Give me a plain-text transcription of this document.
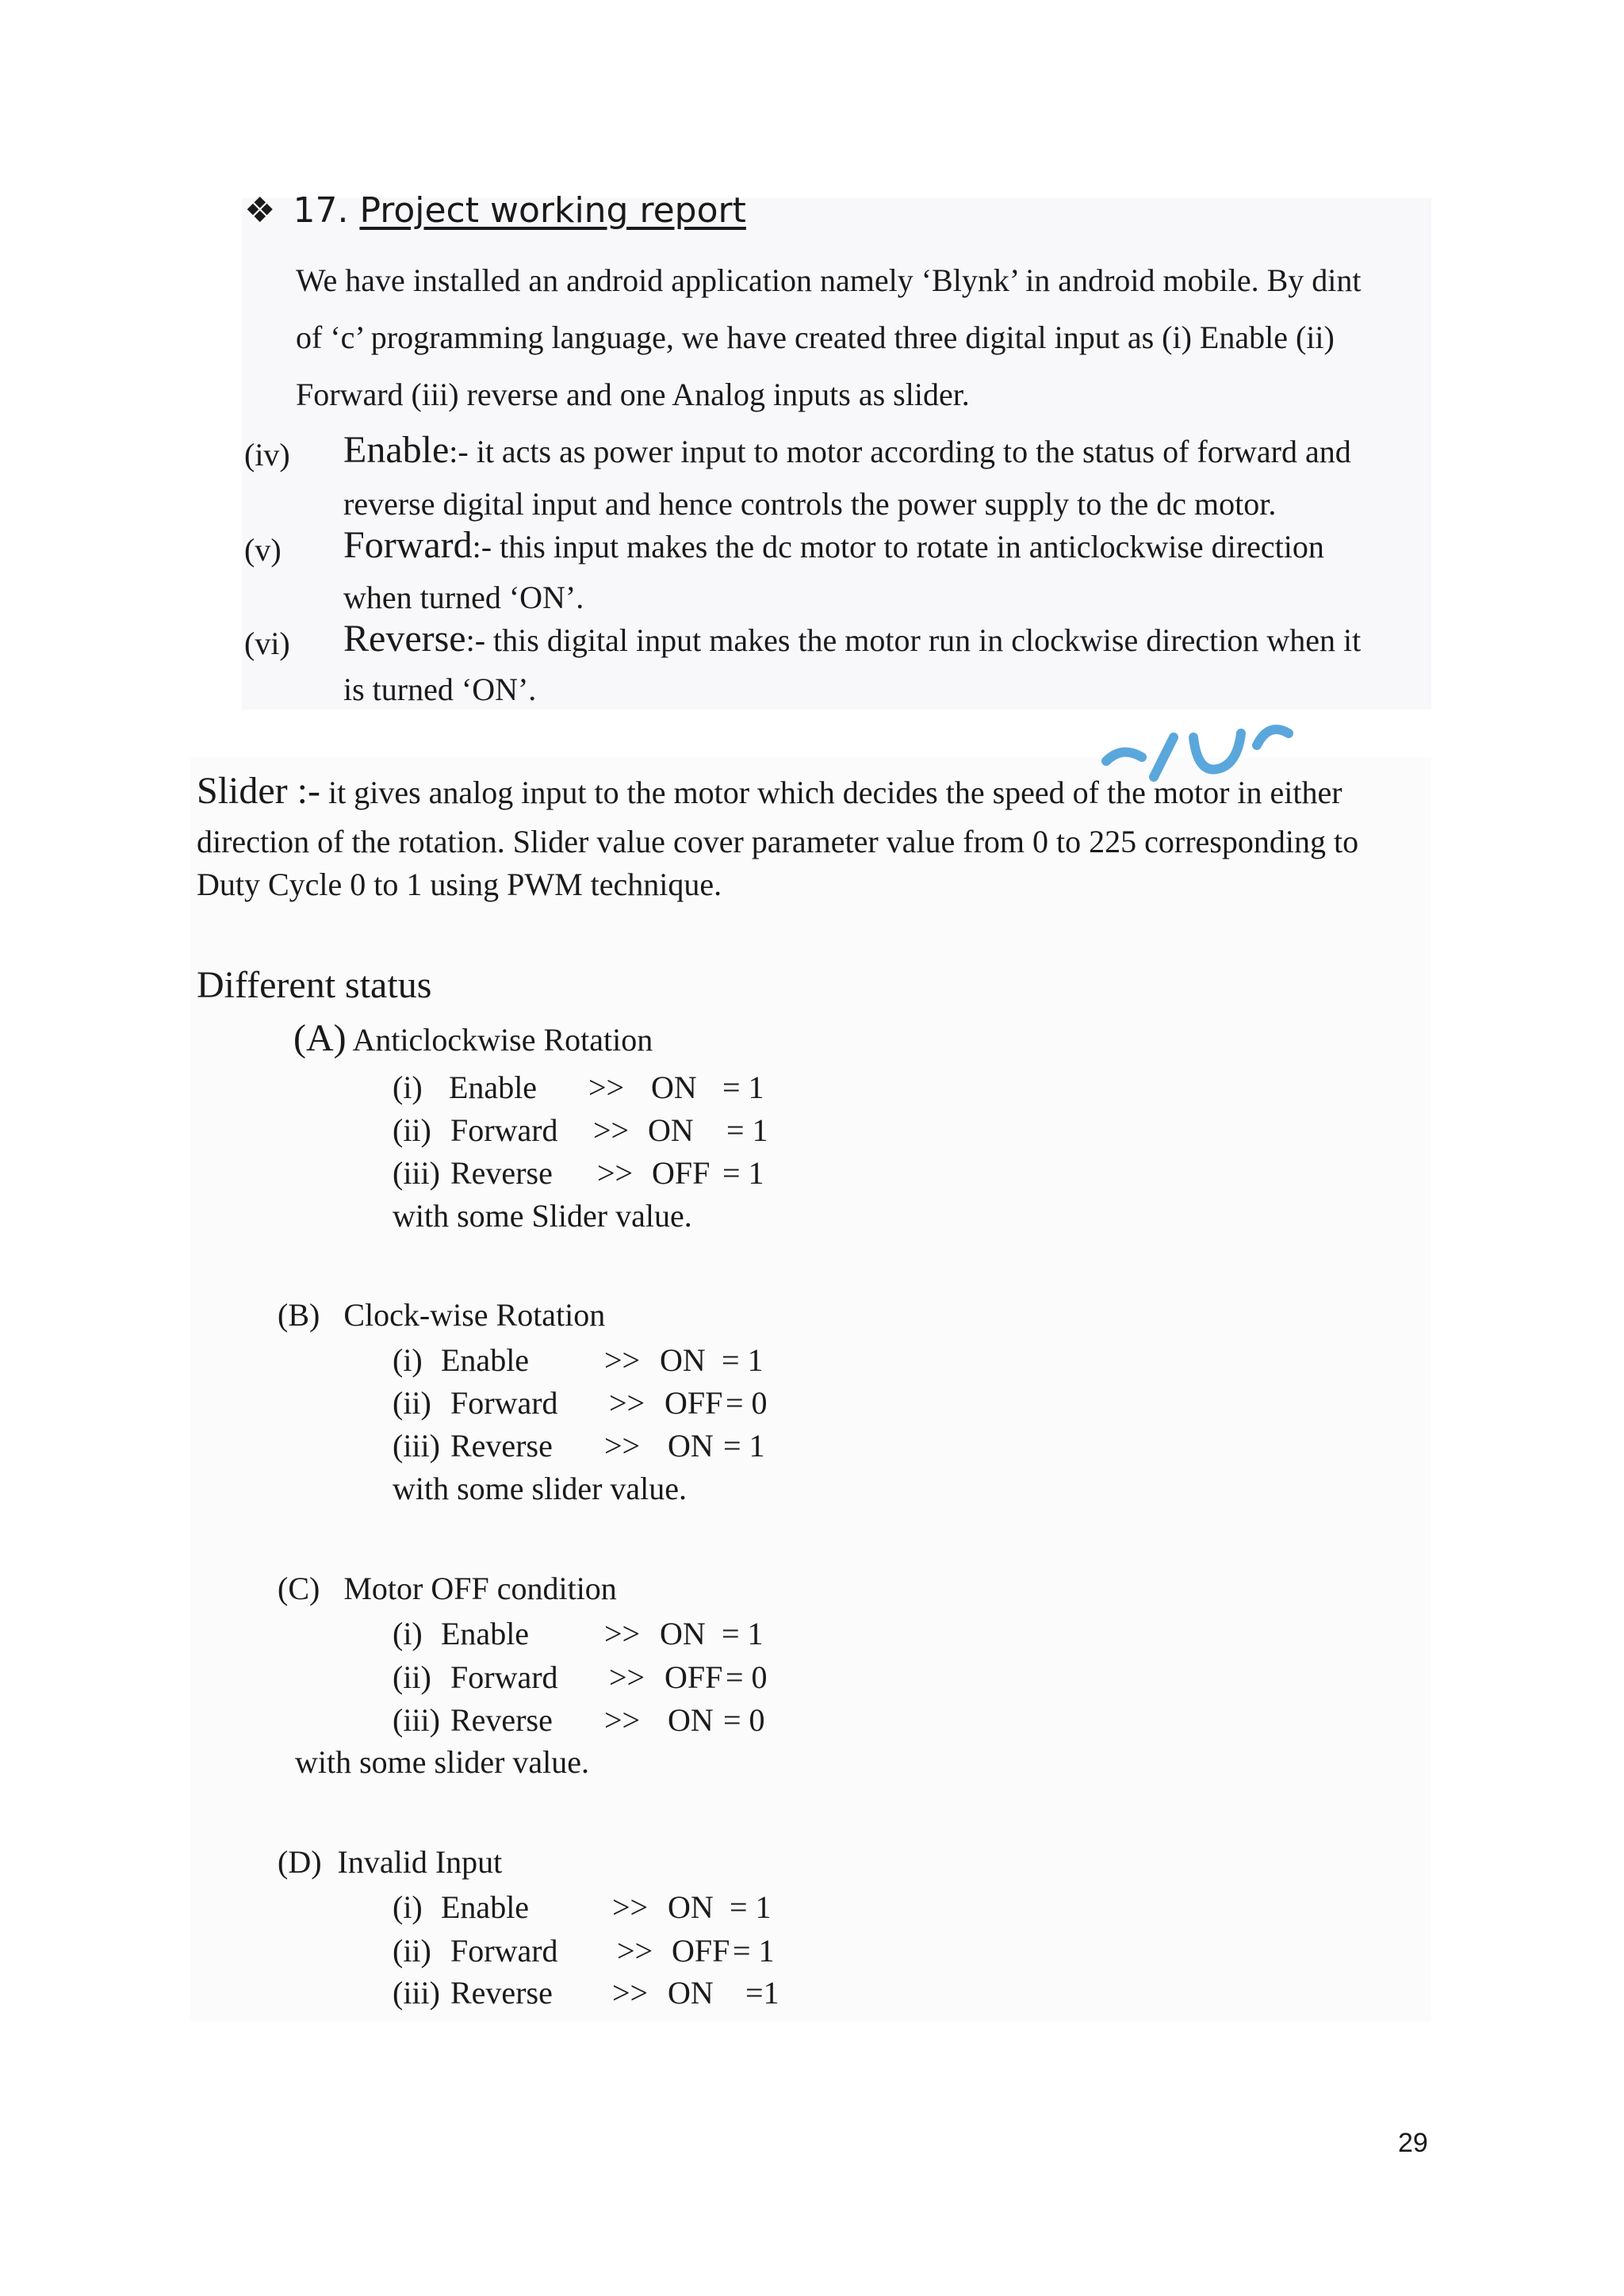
❖ 17. Project working report
We have installed an android application namely ‘Blynk’ in android mobile. By dint
of ‘c’ programming language, we have created three digital input as (i) Enable (ii)
Forward (iii) reverse and one Analog inputs as slider.
(iv) Enable:- it acts as power input to motor according to the status of forward and
reverse digital input and hence controls the power supply to the dc motor.
(v) Forward:- this input makes the dc motor to rotate in anticlockwise direction
when turned ‘ON’.
(vi) Reverse:- this digital input makes the motor run in clockwise direction when it
is turned ‘ON’.
Slider :- it gives analog input to the motor which decides the speed of the motor in either
direction of the rotation. Slider value cover parameter value from 0 to 225 corresponding to
Duty Cycle 0 to 1 using PWM technique.
Different status
(A) Anticlockwise Rotation
(i) Enable >> ON = 1
(ii) Forward >> ON = 1
(iii) Reverse >> OFF = 1
with some Slider value.
(B) Clock-wise Rotation
(i) Enable >> ON = 1
(ii) Forward >> OFF = 0
(iii) Reverse >> ON = 1
with some slider value.
(C) Motor OFF condition
(i) Enable >> ON = 1
(ii) Forward >> OFF = 0
(iii) Reverse >> ON = 0
with some slider value.
(D) Invalid Input
(i) Enable	>> ON = 1
(ii) Forward >> OFF = 1
(iii) Reverse >> ON =1
29
